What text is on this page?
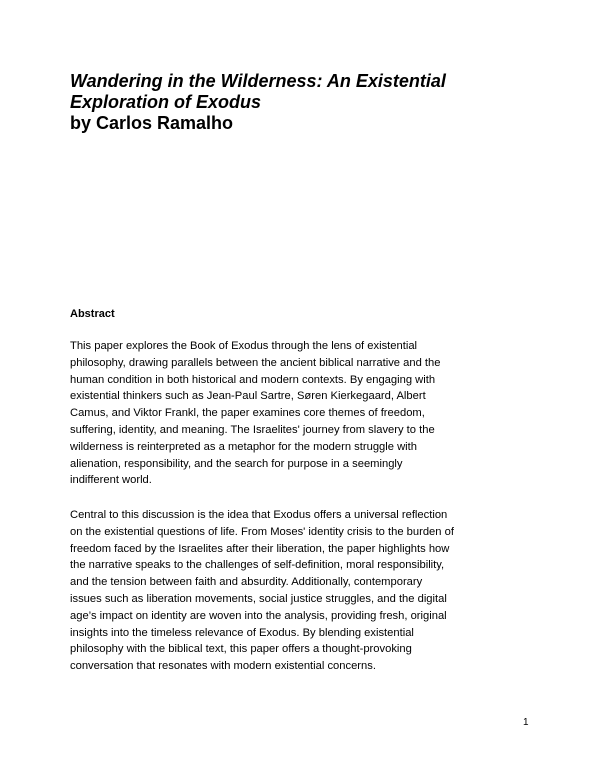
Wandering in the Wilderness: An Existential
Exploration of Exodus
by Carlos Ramalho
Abstract
This paper explores the Book of Exodus through the lens of existential
philosophy, drawing parallels between the ancient biblical narrative and the
human condition in both historical and modern contexts. By engaging with
existential thinkers such as Jean-Paul Sartre, Søren Kierkegaard, Albert
Camus, and Viktor Frankl, the paper examines core themes of freedom,
suffering, identity, and meaning. The Israelites' journey from slavery to the
wilderness is reinterpreted as a metaphor for the modern struggle with
alienation, responsibility, and the search for purpose in a seemingly
indifferent world.
Central to this discussion is the idea that Exodus offers a universal reflection
on the existential questions of life. From Moses' identity crisis to the burden of
freedom faced by the Israelites after their liberation, the paper highlights how
the narrative speaks to the challenges of self-definition, moral responsibility,
and the tension between faith and absurdity. Additionally, contemporary
issues such as liberation movements, social justice struggles, and the digital
age’s impact on identity are woven into the analysis, providing fresh, original
insights into the timeless relevance of Exodus. By blending existential
philosophy with the biblical text, this paper offers a thought-provoking
conversation that resonates with modern existential concerns.
1
